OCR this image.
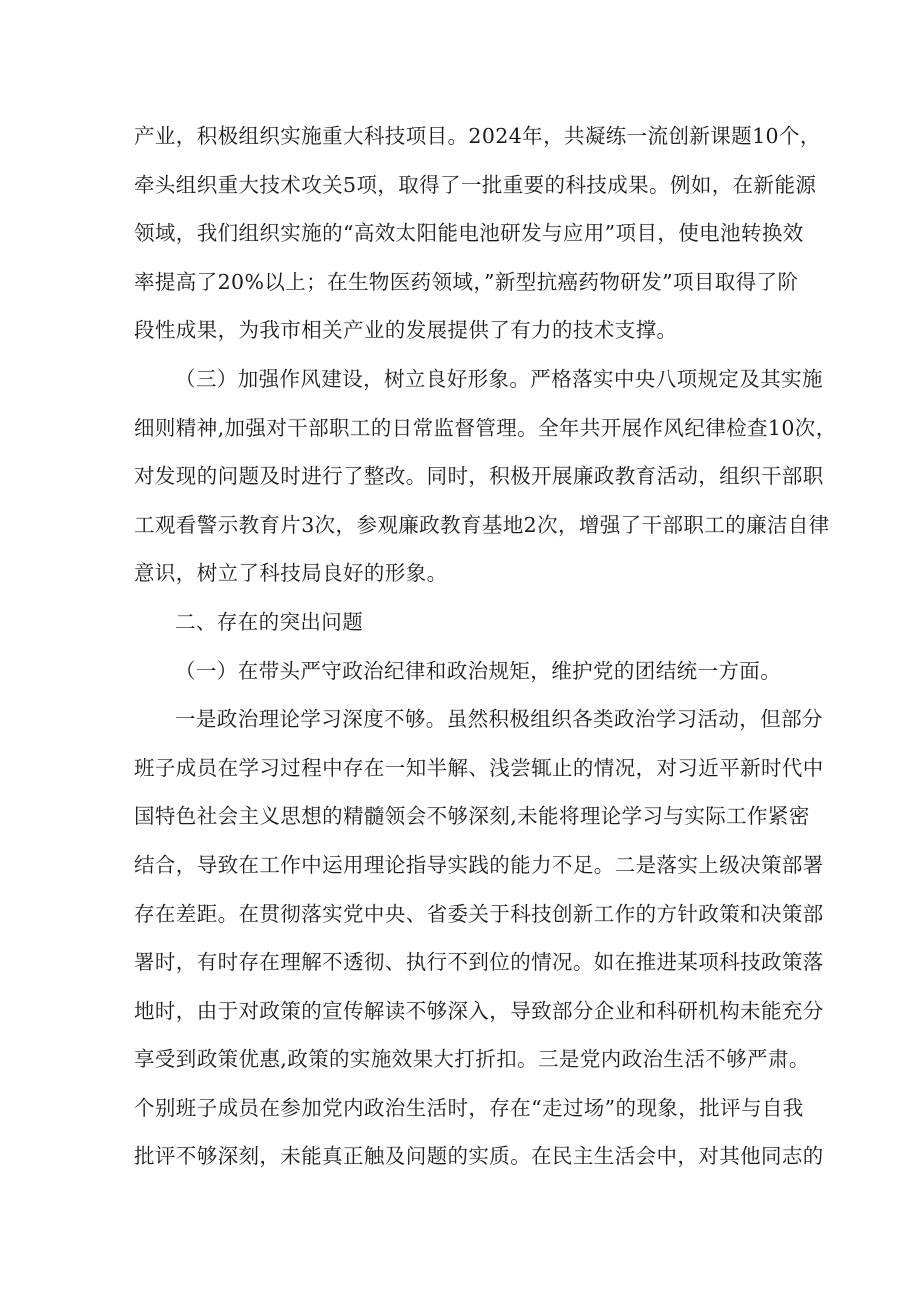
产业，积极组织实施重大科技项目。2024年，共凝练一流创新课题10个，
牵头组织重大技术攻关5项，取得了一批重要的科技成果。例如，在新能源
领域，我们组织实施的“高效太阳能电池研发与应用”项目，使电池转换效
率提高了20%以上；在生物医药领域，”新型抗癌药物研发”项目取得了阶
段性成果，为我市相关产业的发展提供了有力的技术支撑。
（三）加强作风建设，树立良好形象。严格落实中央八项规定及其实施
细则精神,加强对干部职工的日常监督管理。全年共开展作风纪律检查10次，
对发现的问题及时进行了整改。同时，积极开展廉政教育活动，组织干部职
工观看警示教育片3次，参观廉政教育基地2次，增强了干部职工的廉洁自律
意识，树立了科技局良好的形象。
二、存在的突出问题
（一）在带头严守政治纪律和政治规矩，维护党的团结统一方面。
一是政治理论学习深度不够。虽然积极组织各类政治学习活动，但部分
班子成员在学习过程中存在一知半解、浅尝辄止的情况，对习近平新时代中
国特色社会主义思想的精髓领会不够深刻,未能将理论学习与实际工作紧密
结合，导致在工作中运用理论指导实践的能力不足。二是落实上级决策部署
存在差距。在贯彻落实党中央、省委关于科技创新工作的方针政策和决策部
署时，有时存在理解不透彻、执行不到位的情况。如在推进某项科技政策落
地时，由于对政策的宣传解读不够深入，导致部分企业和科研机构未能充分
享受到政策优惠,政策的实施效果大打折扣。三是党内政治生活不够严肃。
个别班子成员在参加党内政治生活时，存在“走过场”的现象，批评与自我
批评不够深刻，未能真正触及问题的实质。在民主生活会中，对其他同志的
